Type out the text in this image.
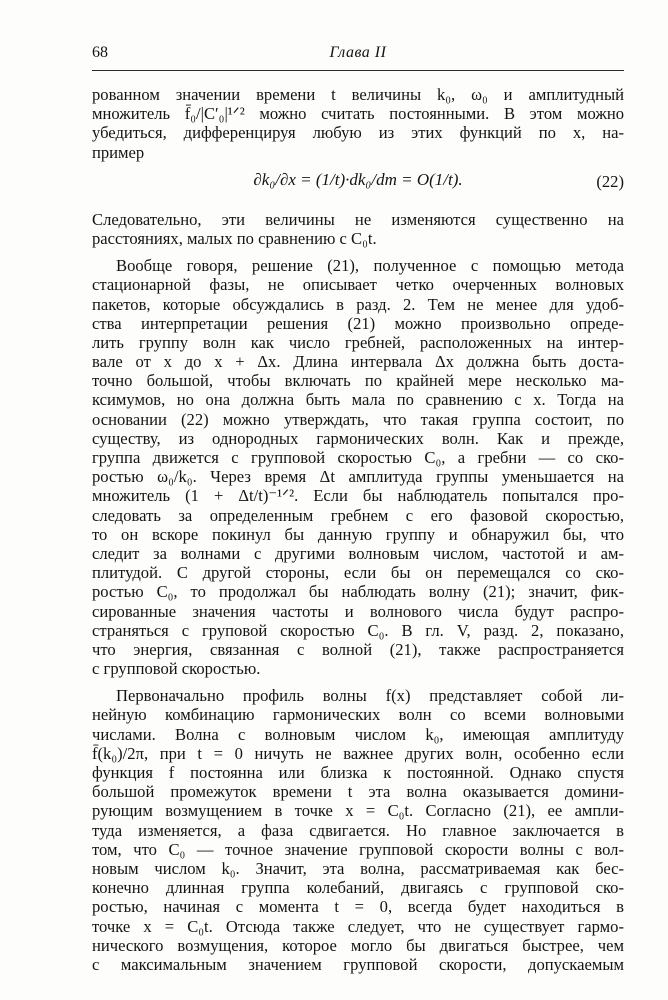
68	Глава II
рованном значении времени t величины k₀, ω₀ и амплитудный
множитель f̄₀/|C′₀|¹ᐟ² можно считать постоянными. В этом можно
убедиться, дифференцируя любую из этих функций по x, на-
пример
∂k₀/∂x = (1/t)·dk₀/dm = O(1/t).	(22)
Следовательно, эти величины не изменяются существенно на
расстояниях, малых по сравнению с C₀t.
Вообще говоря, решение (21), полученное с помощью метода
стационарной фазы, не описывает четко очерченных волновых
пакетов, которые обсуждались в разд. 2. Тем не менее для удоб-
ства интерпретации решения (21) можно произвольно опреде-
лить группу волн как число гребней, расположенных на интер-
вале от x до x + Δx. Длина интервала Δx должна быть доста-
точно большой, чтобы включать по крайней мере несколько ма-
ксимумов, но она должна быть мала по сравнению с x. Тогда на
основании (22) можно утверждать, что такая группа состоит, по
существу, из однородных гармонических волн. Как и прежде,
группа движется с групповой скоростью C₀, а гребни — со ско-
ростью ω₀/k₀. Через время Δt амплитуда группы уменьшается на
множитель (1 + Δt/t)⁻¹ᐟ². Если бы наблюдатель попытался про-
следовать за определенным гребнем с его фазовой скоростью,
то он вскоре покинул бы данную группу и обнаружил бы, что
следит за волнами с другими волновым числом, частотой и ам-
плитудой. С другой стороны, если бы он перемещался со ско-
ростью C₀, то продолжал бы наблюдать волну (21); значит, фик-
сированные значения частоты и волнового числа будут распро-
страняться с груповой скоростью C₀. В гл. V, разд. 2, показано,
что энергия, связанная с волной (21), также распространяется
с групповой скоростью.
Первоначально профиль волны f(x) представляет собой ли-
нейную комбинацию гармонических волн со всеми волновыми
числами. Волна с волновым числом k₀, имеющая амплитуду
f̄(k₀)/2π, при t = 0 ничуть не важнее других волн, особенно если
функция f постоянна или близка к постоянной. Однако спустя
большой промежуток времени t эта волна оказывается домини-
рующим возмущением в точке x = C₀t. Согласно (21), ее ампли-
туда изменяется, а фаза сдвигается. Но главное заключается в
том, что C₀ — точное значение групповой скорости волны с вол-
новым числом k₀. Значит, эта волна, рассматриваемая как бес-
конечно длинная группа колебаний, двигаясь с групповой ско-
ростью, начиная с момента t = 0, всегда будет находиться в
точке x = C₀t. Отсюда также следует, что не существует гармо-
нического возмущения, которое могло бы двигаться быстрее, чем
с максимальным значением групповой скорости, допускаемым
